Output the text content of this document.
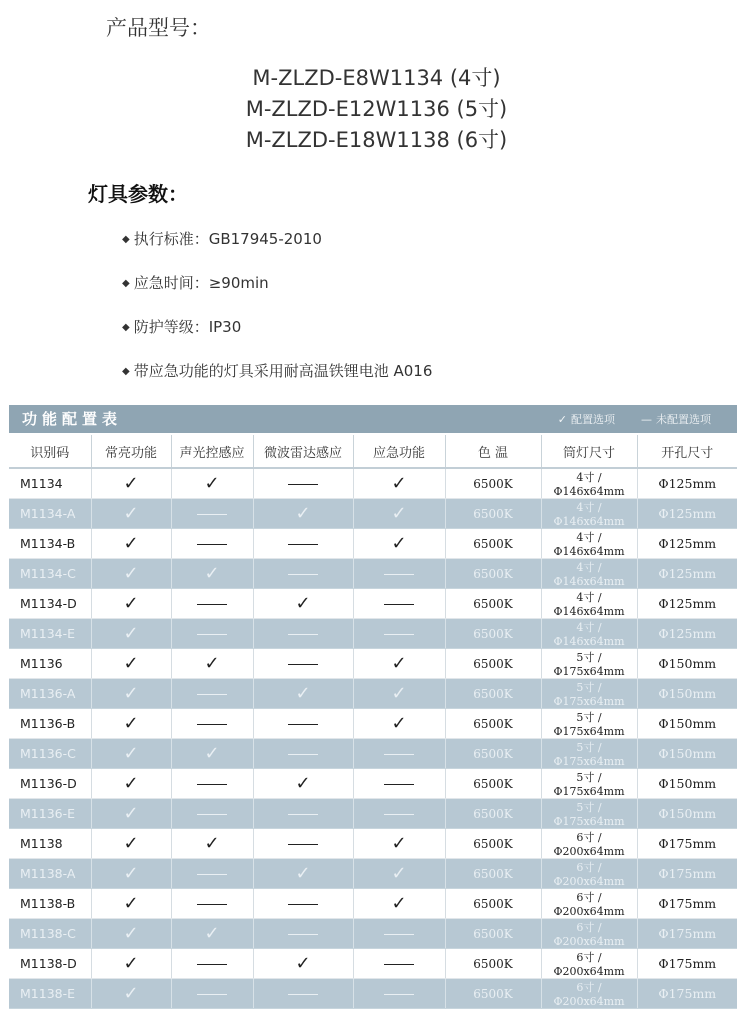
产品型号：
M-ZLZD-E8W1134 (4寸)
M-ZLZD-E12W1136 (5寸)
M-ZLZD-E18W1138 (6寸)
灯具参数：
◆ 执行标准：GB17945-2010
◆ 应急时间：≥90min
◆ 防护等级：IP30
◆ 带应急功能的灯具采用耐高温铁锂电池 A016
功能配置表	✓ 配置选项 — 未配置选项
识别码	常亮功能	声光控感应	微波雷达感应	应急功能	色 温	筒灯尺寸	开孔尺寸
M1134	✓	✓		✓	6500K	4寸 / Φ146x64mm	Φ125mm
M1134-A	✓		✓	✓	6500K	4寸 / Φ146x64mm	Φ125mm
M1134-B	✓			✓	6500K	4寸 / Φ146x64mm	Φ125mm
M1134-C	✓	✓			6500K	4寸 / Φ146x64mm	Φ125mm
M1134-D	✓		✓		6500K	4寸 / Φ146x64mm	Φ125mm
M1134-E	✓				6500K	4寸 / Φ146x64mm	Φ125mm
M1136	✓	✓		✓	6500K	5寸 / Φ175x64mm	Φ150mm
M1136-A	✓		✓	✓	6500K	5寸 / Φ175x64mm	Φ150mm
M1136-B	✓			✓	6500K	5寸 / Φ175x64mm	Φ150mm
M1136-C	✓	✓			6500K	5寸 / Φ175x64mm	Φ150mm
M1136-D	✓		✓		6500K	5寸 / Φ175x64mm	Φ150mm
M1136-E	✓				6500K	5寸 / Φ175x64mm	Φ150mm
M1138	✓	✓		✓	6500K	6寸 / Φ200x64mm	Φ175mm
M1138-A	✓		✓	✓	6500K	6寸 / Φ200x64mm	Φ175mm
M1138-B	✓			✓	6500K	6寸 / Φ200x64mm	Φ175mm
M1138-C	✓	✓			6500K	6寸 / Φ200x64mm	Φ175mm
M1138-D	✓		✓		6500K	6寸 / Φ200x64mm	Φ175mm
M1138-E	✓				6500K	6寸 / Φ200x64mm	Φ175mm
